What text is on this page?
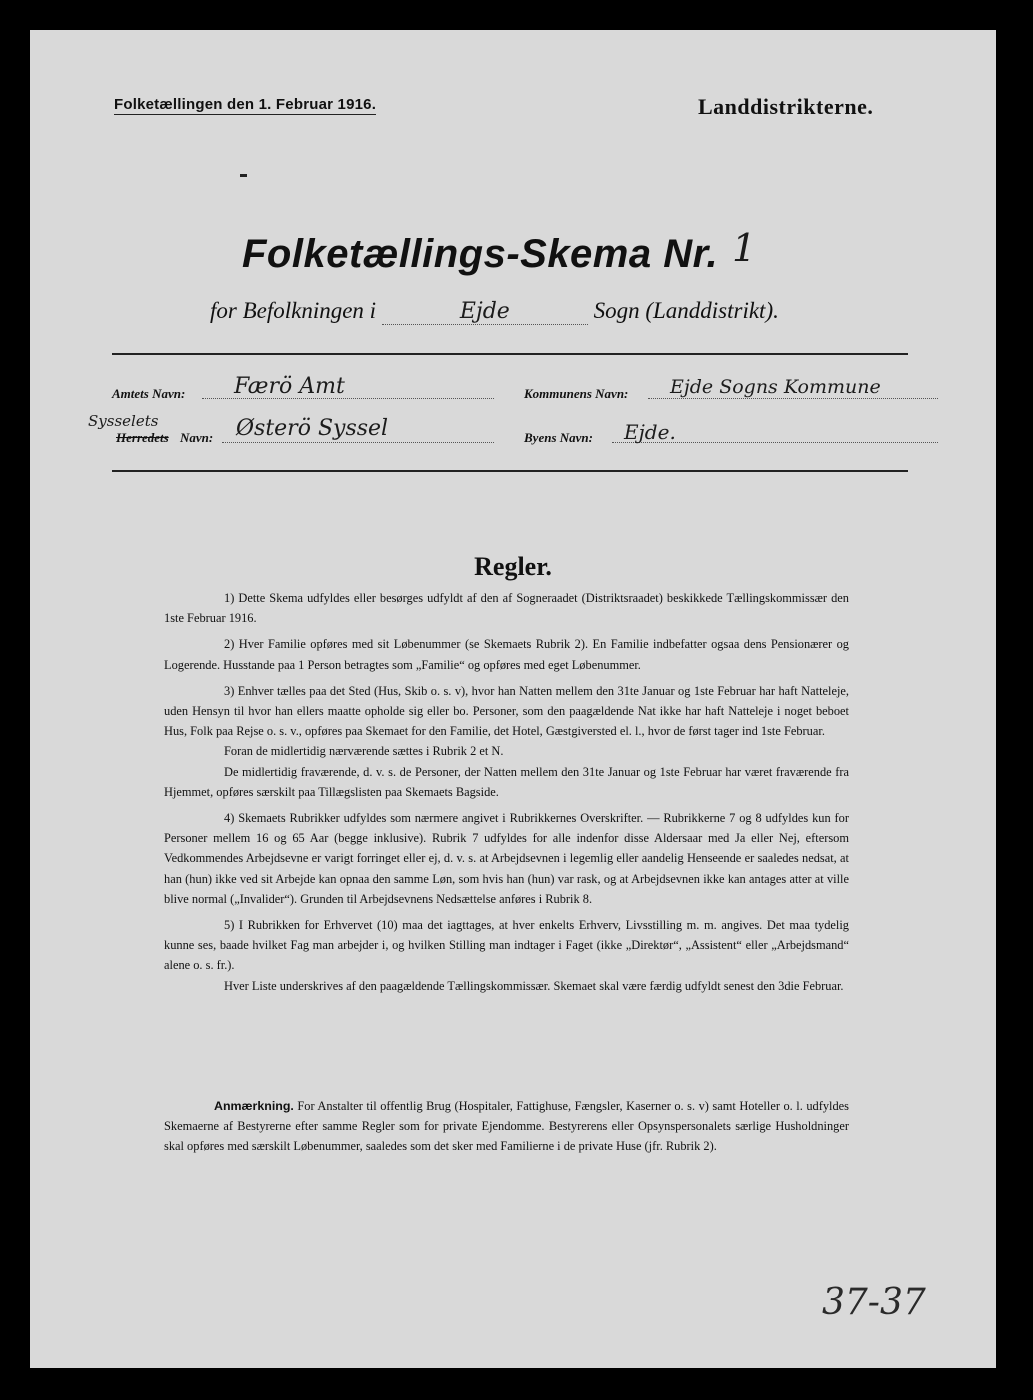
Folketællingen den 1. Februar 1916.	Landdistrikterne.
Folketællings-Skema Nr. 1
for Befolkningen i	Ejde	Sogn (Landdistrikt).
Amtets Navn: Færö Amt	Kommunens Navn: Ejde Sogns Kommune
Sysselets
Herredets Navn: Østerö Syssel	Byens Navn: Ejde.
Regler.

1) Dette Skema udfyldes eller besørges udfyldt af den af Sogneraadet (Distriktsraadet) beskikkede Tællingskommissær den 1ste Februar 1916.

2) Hver Familie opføres med sit Løbenummer (se Skemaets Rubrik 2). En Familie indbefatter ogsaa dens Pensionærer og Logerende. Husstande paa 1 Person betragtes som „Familie“ og opføres med eget Løbenummer.

3) Enhver tælles paa det Sted (Hus, Skib o. s. v), hvor han Natten mellem den 31te Januar og 1ste Februar har haft Natteleje, uden Hensyn til hvor han ellers maatte opholde sig eller bo. Personer, som den paagældende Nat ikke har haft Natteleje i noget beboet Hus, Folk paa Rejse o. s. v., opføres paa Skemaet for den Familie, det Hotel, Gæstgiversted el. l., hvor de først tager ind 1ste Februar.

Foran de midlertidig nærværende sættes i Rubrik 2 et N.

De midlertidig fraværende, d. v. s. de Personer, der Natten mellem den 31te Januar og 1ste Februar har været fraværende fra Hjemmet, opføres særskilt paa Tillægslisten paa Skemaets Bagside.

4) Skemaets Rubrikker udfyldes som nærmere angivet i Rubrikkernes Overskrifter. — Rubrikkerne 7 og 8 udfyldes kun for Personer mellem 16 og 65 Aar (begge inklusive). Rubrik 7 udfyldes for alle indenfor disse Aldersaar med Ja eller Nej, eftersom Vedkommendes Arbejdsevne er varigt forringet eller ej, d. v. s. at Arbejdsevnen i legemlig eller aandelig Henseende er saaledes nedsat, at han (hun) ikke ved sit Arbejde kan opnaa den samme Løn, som hvis han (hun) var rask, og at Arbejdsevnen ikke kan antages atter at ville blive normal („Invalider“). Grunden til Arbejdsevnens Nedsættelse anføres i Rubrik 8.

5) I Rubrikken for Erhvervet (10) maa det iagttages, at hver enkelts Erhverv, Livsstilling m. m. angives. Det maa tydelig kunne ses, baade hvilket Fag man arbejder i, og hvilken Stilling man indtager i Faget (ikke „Direktør“, „Assistent“ eller „Arbejdsmand“ alene o. s. fr.).

Hver Liste underskrives af den paagældende Tællingskommissær. Skemaet skal være færdig udfyldt senest den 3die Februar.

Anmærkning. For Anstalter til offentlig Brug (Hospitaler, Fattighuse, Fængsler, Kaserner o. s. v) samt Hoteller o. l. udfyldes Skemaerne af Bestyrerne efter samme Regler som for private Ejendomme. Bestyrerens eller Opsynspersonalets særlige Husholdninger skal opføres med særskilt Løbenummer, saaledes som det sker med Familierne i de private Huse (jfr. Rubrik 2).

37-37
